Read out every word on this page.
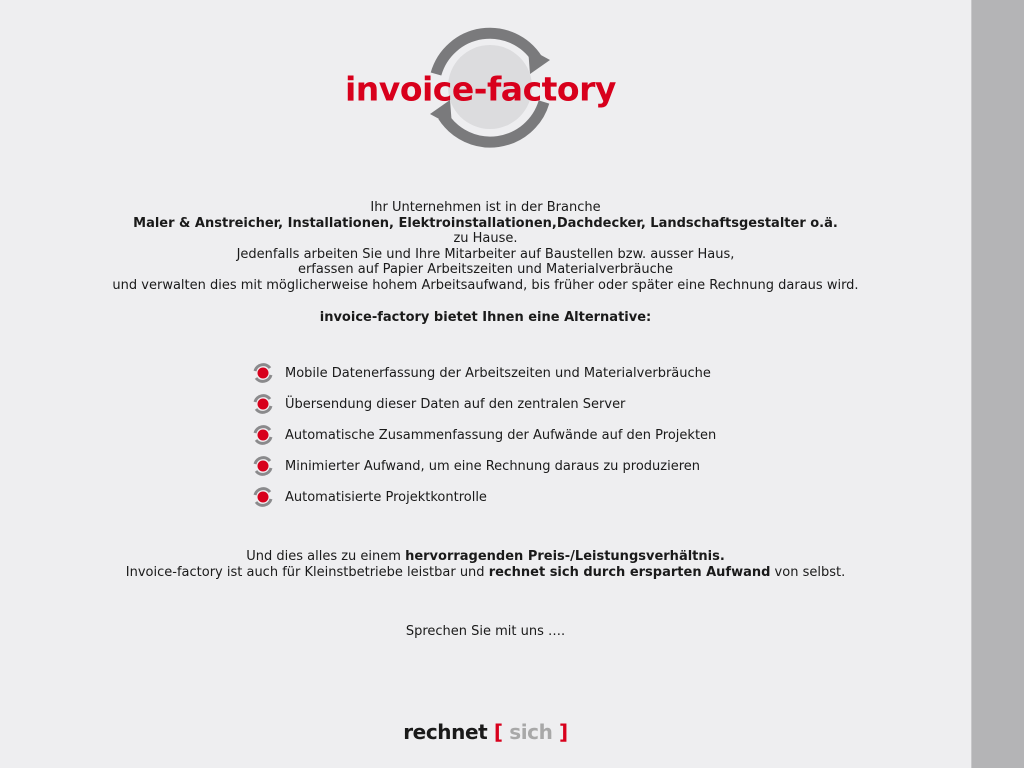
invoice-factory
Ihr Unternehmen ist in der Branche
Maler & Anstreicher, Installationen, Elektroinstallationen,Dachdecker, Landschaftsgestalter o.ä.
zu Hause.
Jedenfalls arbeiten Sie und Ihre Mitarbeiter auf Baustellen bzw. ausser Haus,
erfassen auf Papier Arbeitszeiten und Materialverbräuche
und verwalten dies mit möglicherweise hohem Arbeitsaufwand, bis früher oder später eine Rechnung daraus wird.
invoice-factory bietet Ihnen eine Alternative:
Mobile Datenerfassung der Arbeitszeiten und Materialverbräuche
Übersendung dieser Daten auf den zentralen Server
Automatische Zusammenfassung der Aufwände auf den Projekten
Minimierter Aufwand, um eine Rechnung daraus zu produzieren
Automatisierte Projektkontrolle
Und dies alles zu einem hervorragenden Preis-/Leistungsverhältnis.
Invoice-factory ist auch für Kleinstbetriebe leistbar und rechnet sich durch ersparten Aufwand von selbst.
Sprechen Sie mit uns ….
rechnet [ sich ]
